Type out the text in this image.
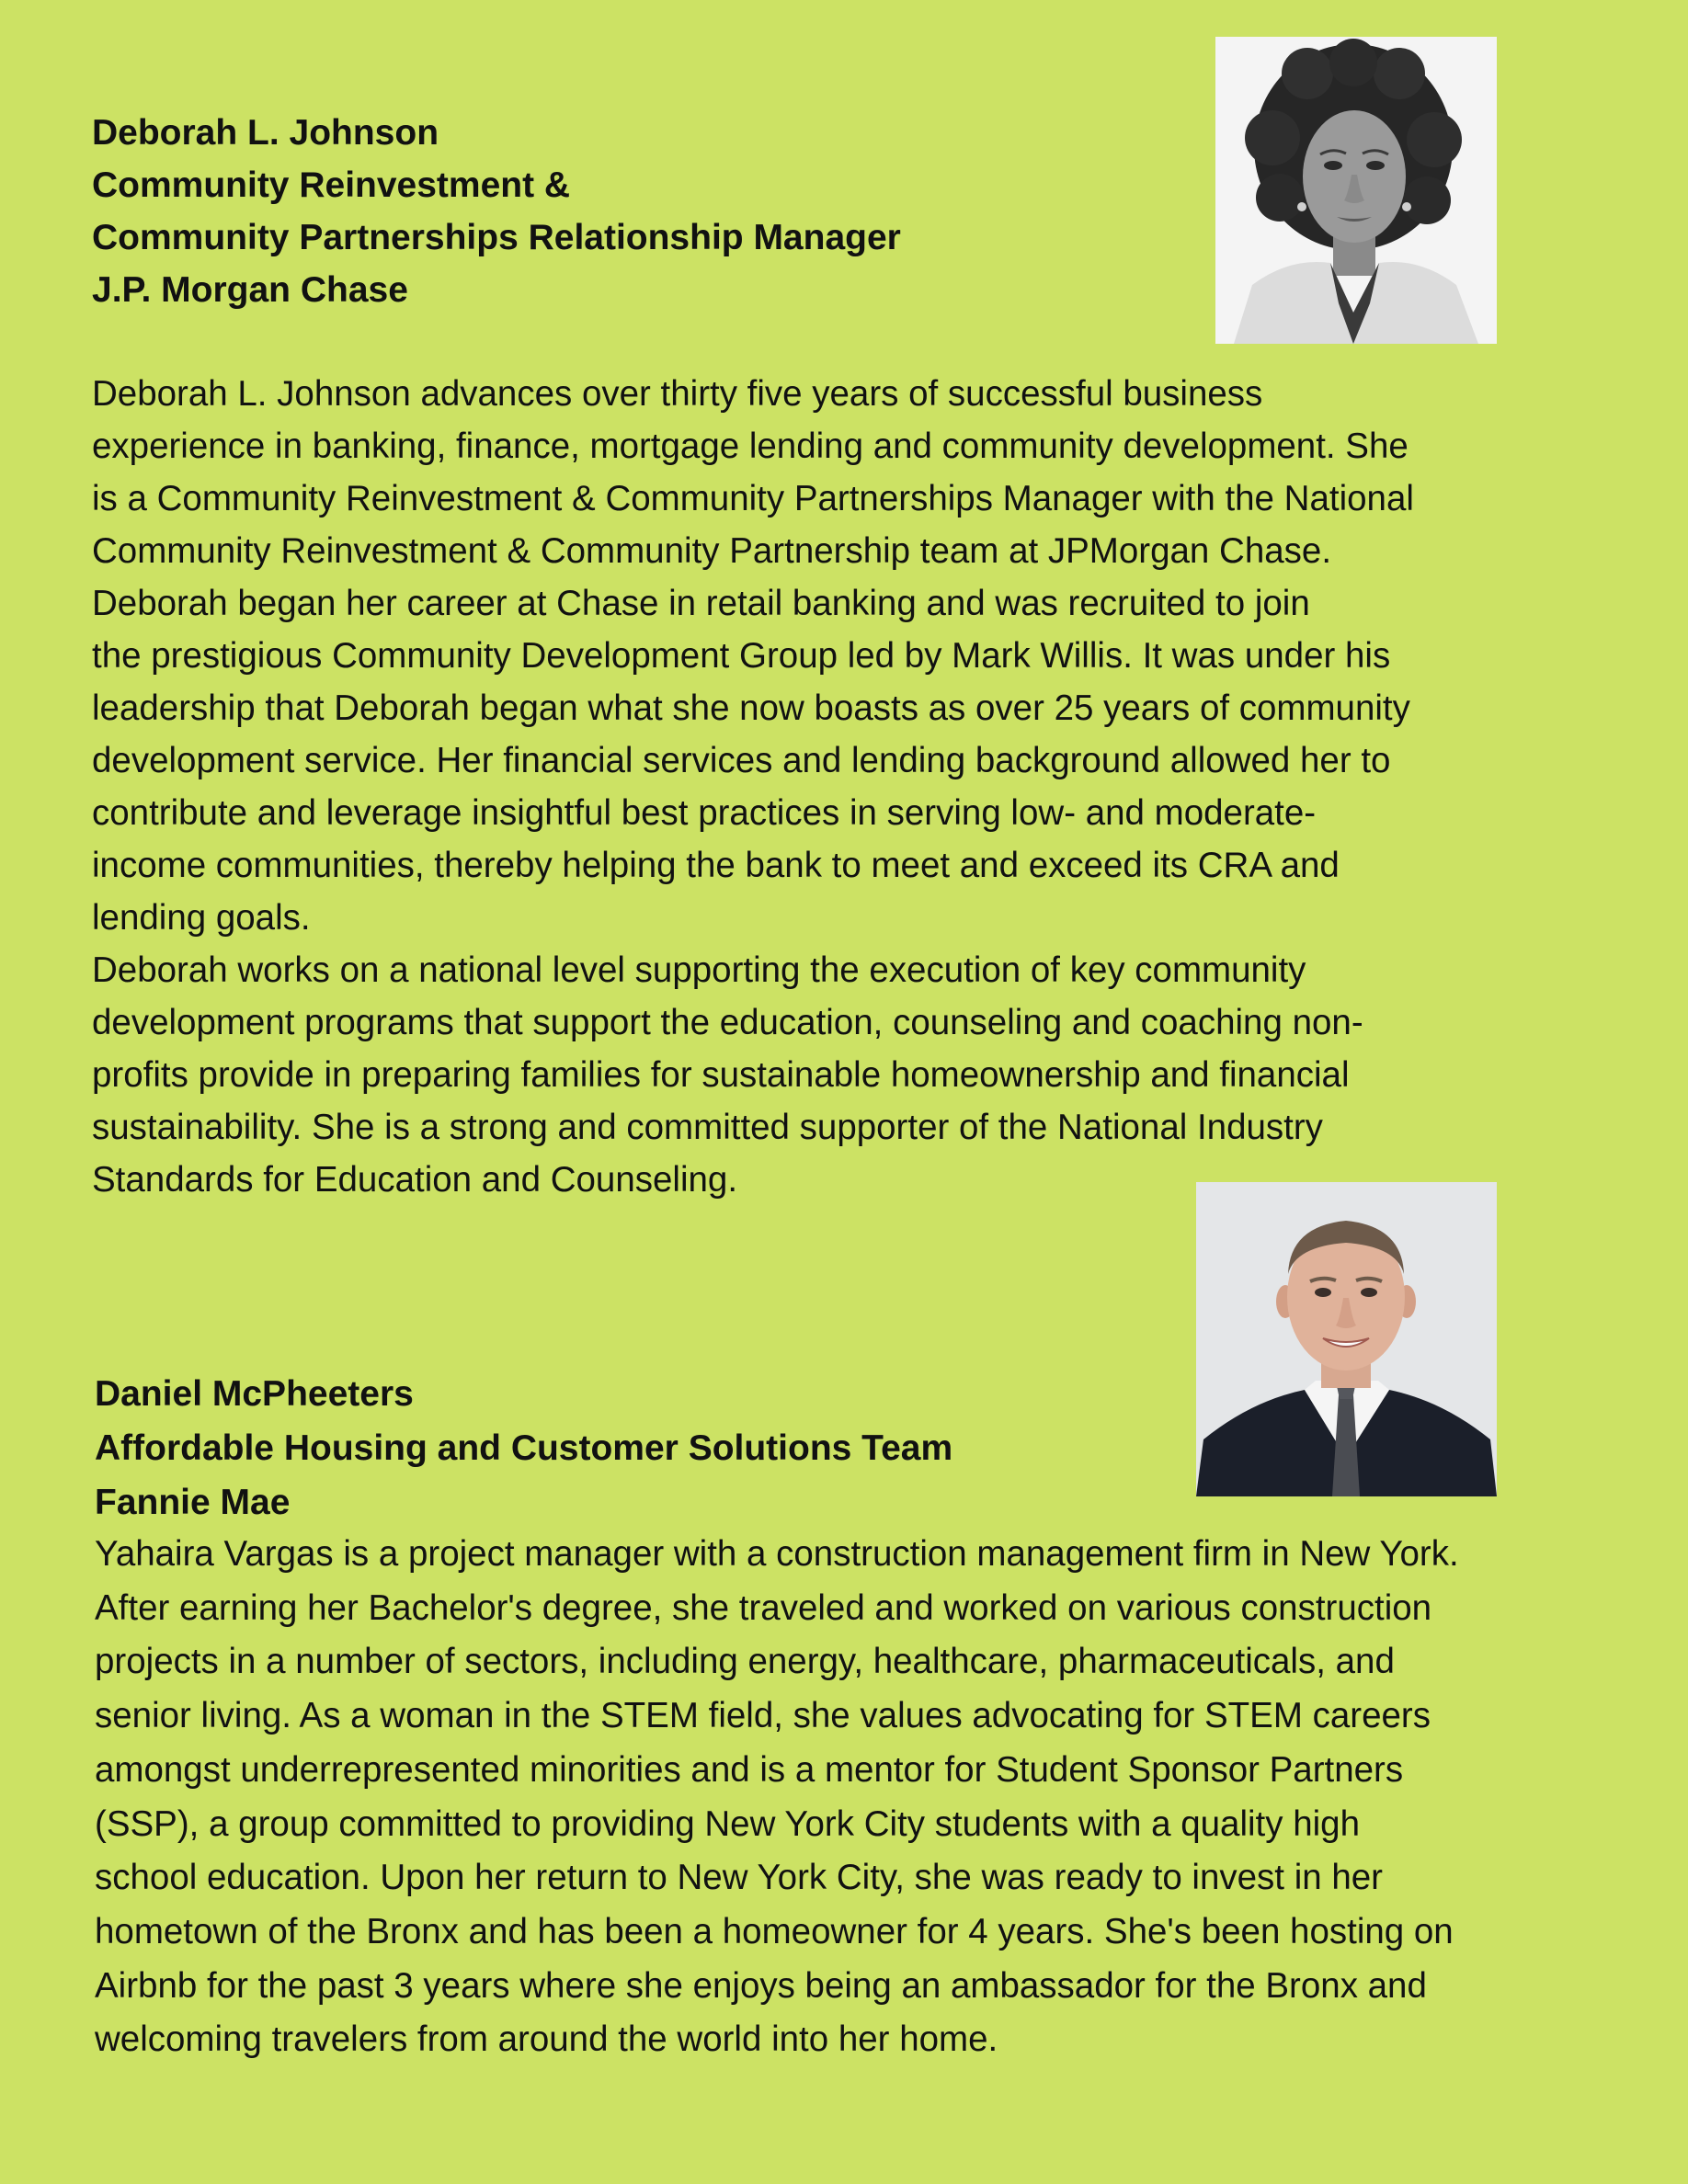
Deborah L. Johnson
Community Reinvestment &
Community Partnerships Relationship Manager
J.P. Morgan Chase
Deborah L. Johnson advances over thirty five years of successful business
experience in banking, finance, mortgage lending and community development. She
is a Community Reinvestment & Community Partnerships Manager with the National
Community Reinvestment & Community Partnership team at JPMorgan Chase.
Deborah began her career at Chase in retail banking and was recruited to join
the prestigious Community Development Group led by Mark Willis. It was under his
leadership that Deborah began what she now boasts as over 25 years of community
development service. Her financial services and lending background allowed her to
contribute and leverage insightful best practices in serving low- and moderate-
income communities, thereby helping the bank to meet and exceed its CRA and
lending goals.
Deborah works on a national level supporting the execution of key community
development programs that support the education, counseling and coaching non-
profits provide in preparing families for sustainable homeownership and financial
sustainability. She is a strong and committed supporter of the National Industry
Standards for Education and Counseling.
Daniel McPheeters
Affordable Housing and Customer Solutions Team
Fannie Mae
Yahaira Vargas is a project manager with a construction management firm in New York.
After earning her Bachelor's degree, she traveled and worked on various construction
projects in a number of sectors, including energy, healthcare, pharmaceuticals, and
senior living. As a woman in the STEM field, she values advocating for STEM careers
amongst underrepresented minorities and is a mentor for Student Sponsor Partners
(SSP), a group committed to providing New York City students with a quality high
school education. Upon her return to New York City, she was ready to invest in her
hometown of the Bronx and has been a homeowner for 4 years. She's been hosting on
Airbnb for the past 3 years where she enjoys being an ambassador for the Bronx and
welcoming travelers from around the world into her home.
